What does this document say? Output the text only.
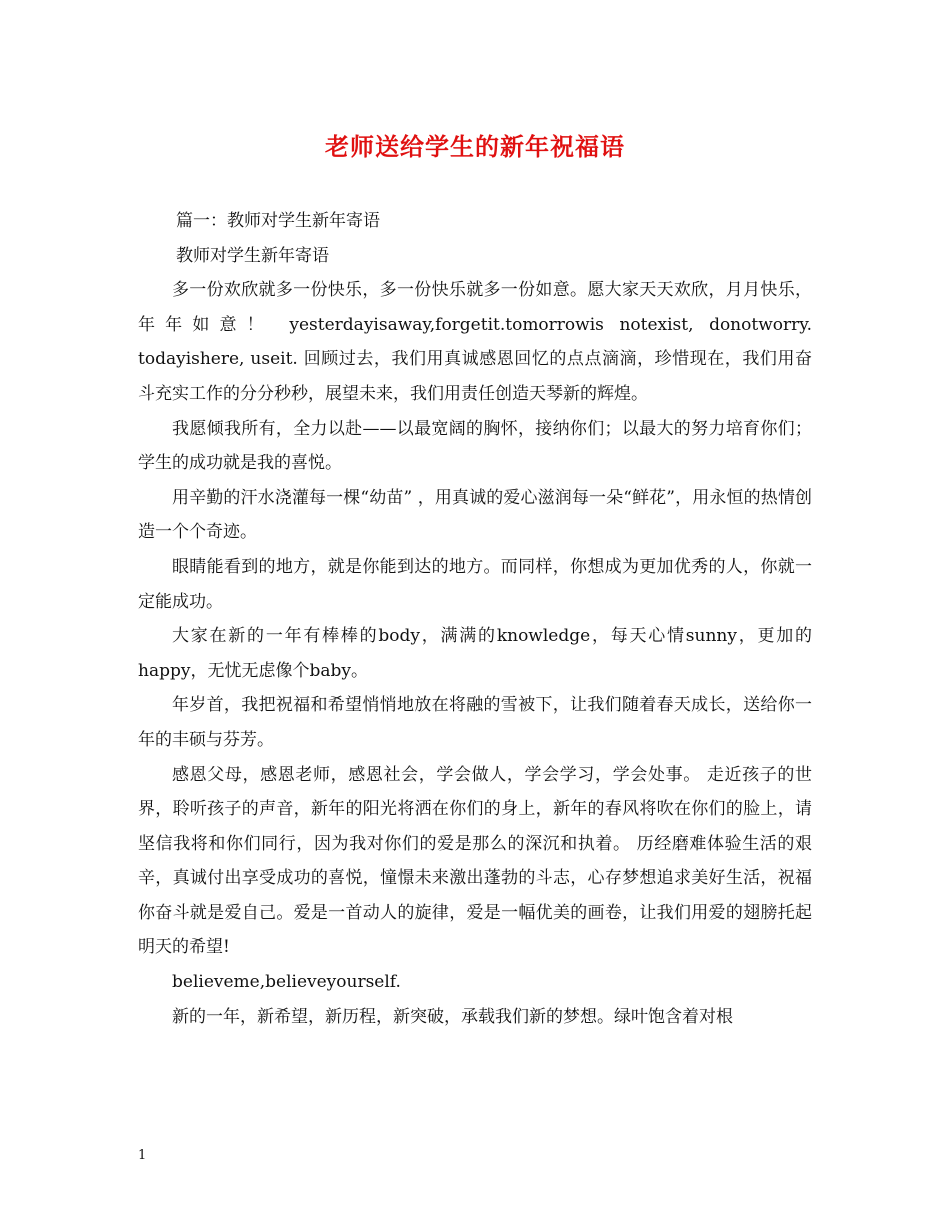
老师送给学生的新年祝福语

篇一：教师对学生新年寄语

教师对学生新年寄语

多一份欢欣就多一份快乐，多一份快乐就多一份如意。愿大家天天欢欣，月月快乐，年年如意！ yesterdayisaway,forgetit.tomorrowis notexist, donotworry. todayishere, useit. 回顾过去，我们用真诚感恩回忆的点点滴滴，珍惜现在，我们用奋斗充实工作的分分秒秒，展望未来，我们用责任创造天琴新的辉煌。

我愿倾我所有，全力以赴——以最宽阔的胸怀，接纳你们；以最大的努力培育你们；学生的成功就是我的喜悦。

用辛勤的汗水浇灌每一棵“幼苗” ，用真诚的爱心滋润每一朵“鲜花”，用永恒的热情创造一个个奇迹。

眼睛能看到的地方，就是你能到达的地方。而同样，你想成为更加优秀的人，你就一定能成功。

大家在新的一年有棒棒的body，满满的knowledge，每天心情sunny，更加的happy，无忧无虑像个baby。

年岁首，我把祝福和希望悄悄地放在将融的雪被下，让我们随着春天成长，送给你一年的丰硕与芬芳。

感恩父母，感恩老师，感恩社会，学会做人，学会学习，学会处事。 走近孩子的世界，聆听孩子的声音，新年的阳光将洒在你们的身上，新年的春风将吹在你们的脸上，请坚信我将和你们同行，因为我对你们的爱是那么的深沉和执着。 历经磨难体验生活的艰辛，真诚付出享受成功的喜悦，憧憬未来激出蓬勃的斗志，心存梦想追求美好生活，祝福你奋斗就是爱自己。爱是一首动人的旋律，爱是一幅优美的画卷，让我们用爱的翅膀托起明天的希望!

believeme,believeyourself.

新的一年，新希望，新历程，新突破，承载我们新的梦想。绿叶饱含着对根

1
